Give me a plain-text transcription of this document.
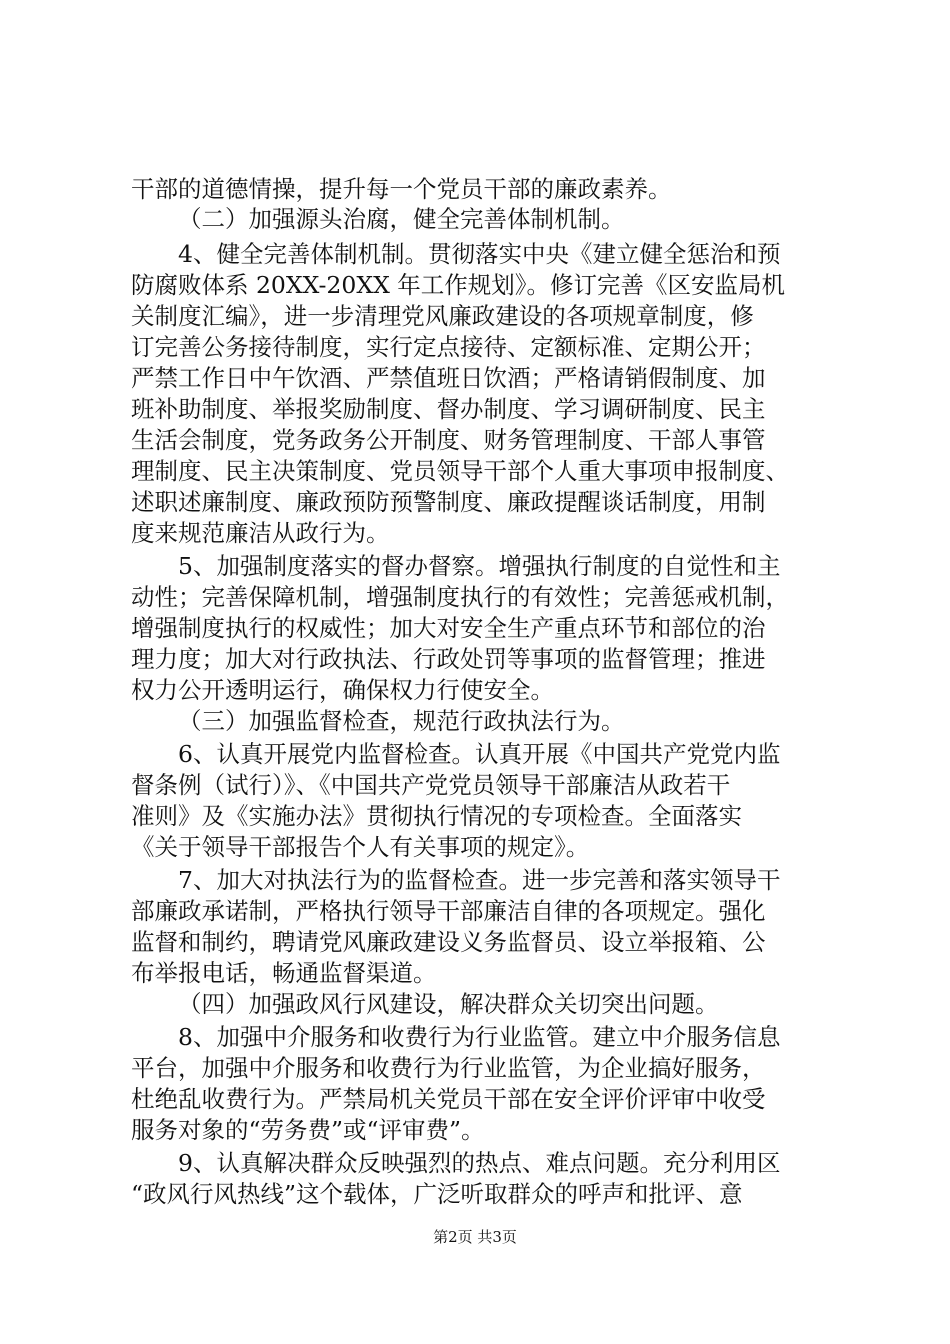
干部的道德情操，提升每一个党员干部的廉政素养。
（二）加强源头治腐，健全完善体制机制。
4、健全完善体制机制。贯彻落实中央《建立健全惩治和预
防腐败体系 20XX-20XX 年工作规划》。修订完善《区安监局机
关制度汇编》，进一步清理党风廉政建设的各项规章制度，修
订完善公务接待制度，实行定点接待、定额标准、定期公开；
严禁工作日中午饮酒、严禁值班日饮酒；严格请销假制度、加
班补助制度、举报奖励制度、督办制度、学习调研制度、民主
生活会制度，党务政务公开制度、财务管理制度、干部人事管
理制度、民主决策制度、党员领导干部个人重大事项申报制度、
述职述廉制度、廉政预防预警制度、廉政提醒谈话制度，用制
度来规范廉洁从政行为。
5、加强制度落实的督办督察。增强执行制度的自觉性和主
动性；完善保障机制，增强制度执行的有效性；完善惩戒机制，
增强制度执行的权威性；加大对安全生产重点环节和部位的治
理力度；加大对行政执法、行政处罚等事项的监督管理；推进
权力公开透明运行，确保权力行使安全。
（三）加强监督检查，规范行政执法行为。
6、认真开展党内监督检查。认真开展《中国共产党党内监
督条例（试行）》、《中国共产党党员领导干部廉洁从政若干
准则》及《实施办法》贯彻执行情况的专项检查。全面落实
《关于领导干部报告个人有关事项的规定》。
7、加大对执法行为的监督检查。进一步完善和落实领导干
部廉政承诺制，严格执行领导干部廉洁自律的各项规定。强化
监督和制约，聘请党风廉政建设义务监督员、设立举报箱、公
布举报电话，畅通监督渠道。
（四）加强政风行风建设，解决群众关切突出问题。
8、加强中介服务和收费行为行业监管。建立中介服务信息
平台，加强中介服务和收费行为行业监管，为企业搞好服务，
杜绝乱收费行为。严禁局机关党员干部在安全评价评审中收受
服务对象的“劳务费”或“评审费”。
9、认真解决群众反映强烈的热点、难点问题。充分利用区
“政风行风热线”这个载体，广泛听取群众的呼声和批评、意
第2页 共3页
